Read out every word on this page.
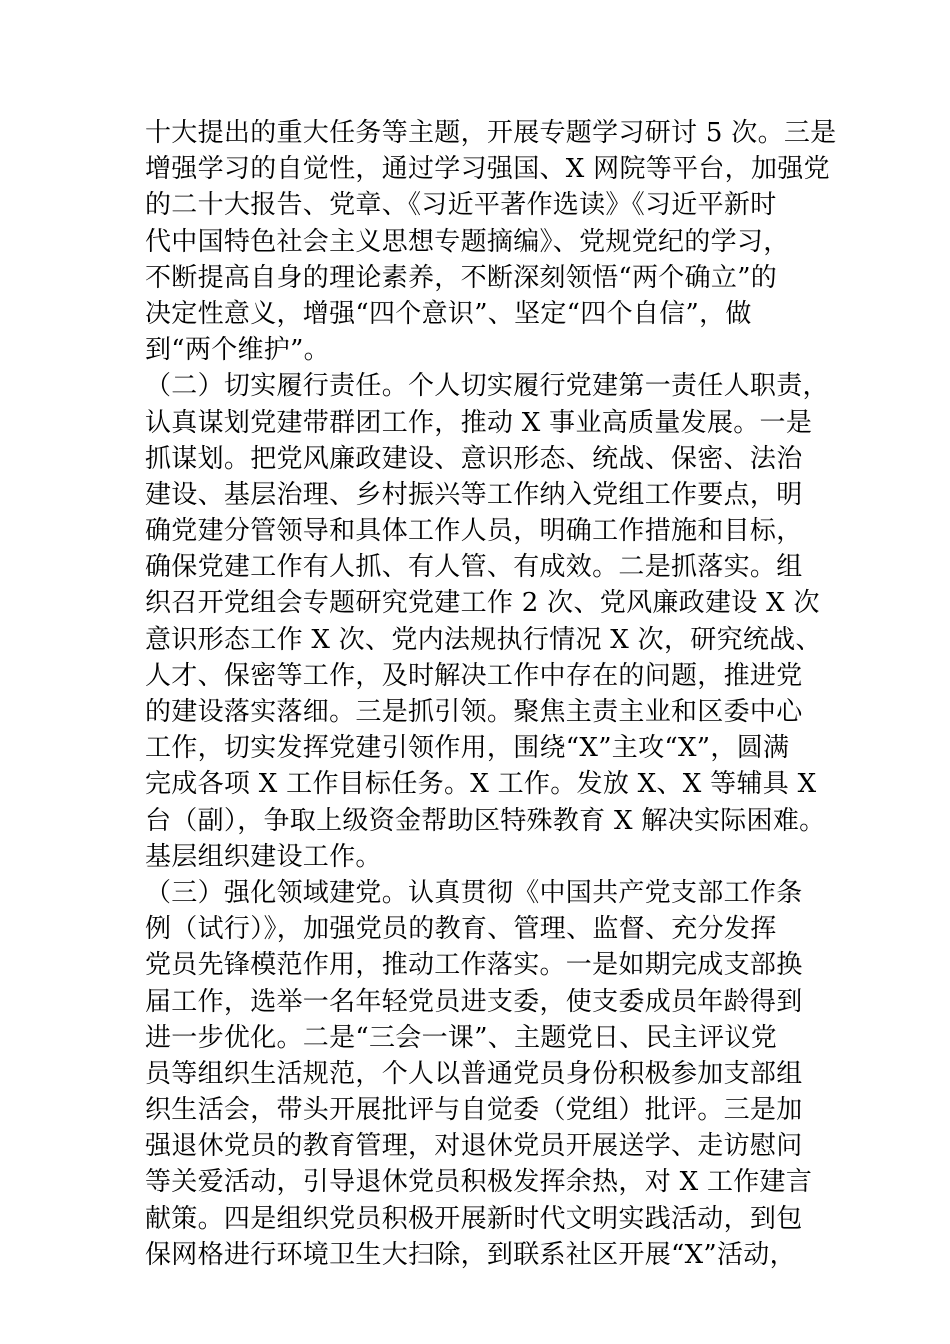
十大提出的重大任务等主题，开展专题学习研讨 5 次。三是
增强学习的自觉性，通过学习强国、X 网院等平台，加强党
的二十大报告、党章、《习近平著作选读》《习近平新时
代中国特色社会主义思想专题摘编》、党规党纪的学习，
不断提高自身的理论素养，不断深刻领悟“两个确立”的
决定性意义，增强“四个意识”、坚定“四个自信”，做
到“两个维护”。
（二）切实履行责任。个人切实履行党建第一责任人职责，
认真谋划党建带群团工作，推动 X 事业高质量发展。一是
抓谋划。把党风廉政建设、意识形态、统战、保密、法治
建设、基层治理、乡村振兴等工作纳入党组工作要点，明
确党建分管领导和具体工作人员，明确工作措施和目标，
确保党建工作有人抓、有人管、有成效。二是抓落实。组
织召开党组会专题研究党建工作 2 次、党风廉政建设 X 次
意识形态工作 X 次、党内法规执行情况 X 次，研究统战、
人才、保密等工作，及时解决工作中存在的问题，推进党
的建设落实落细。三是抓引领。聚焦主责主业和区委中心
工作，切实发挥党建引领作用，围绕“X”主攻“X”，圆满
完成各项 X 工作目标任务。X 工作。发放 X、X 等辅具 X
台（副），争取上级资金帮助区特殊教育 X 解决实际困难。
基层组织建设工作。
（三）强化领域建党。认真贯彻《中国共产党支部工作条
例（试行）》，加强党员的教育、管理、监督、充分发挥
党员先锋模范作用，推动工作落实。一是如期完成支部换
届工作，选举一名年轻党员进支委，使支委成员年龄得到
进一步优化。二是“三会一课”、主题党日、民主评议党
员等组织生活规范，个人以普通党员身份积极参加支部组
织生活会，带头开展批评与自觉委（党组）批评。三是加
强退休党员的教育管理，对退休党员开展送学、走访慰问
等关爱活动，引导退休党员积极发挥余热，对 X 工作建言
献策。四是组织党员积极开展新时代文明实践活动，到包
保网格进行环境卫生大扫除，到联系社区开展“X”活动，
